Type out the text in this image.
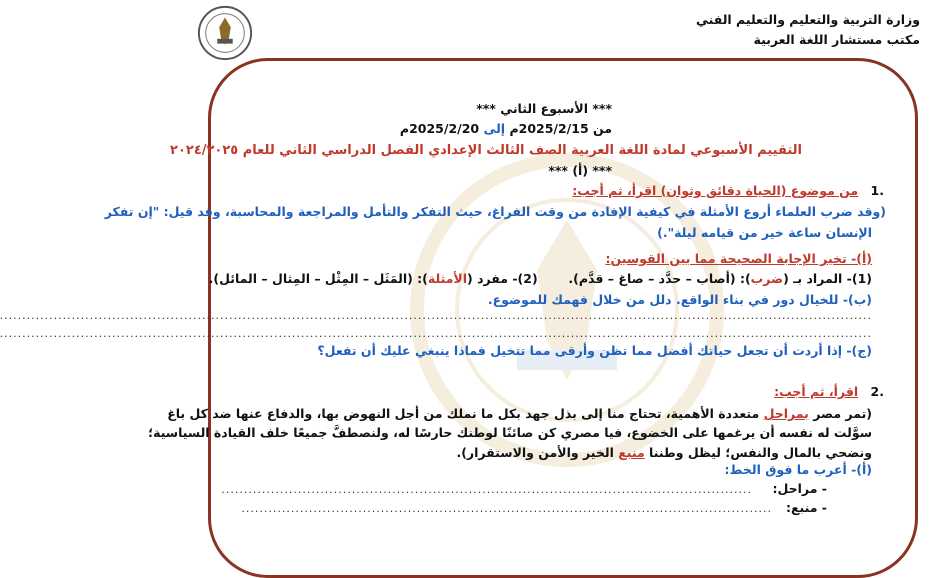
وزارة التربية والتعليم والتعليم الفني
مكتب مستشار اللغة العربية
*** الأسبوع الثاني ***
من 2025/2/15م إلى 2025/2/20م
التقييم الأسبوعي لمادة اللغة العربية الصف الثالث الإعدادي الفصل الدراسي الثاني للعام ٢٠٢٤/٢٠٢٥
*** (أ) ***
.1 من موضوع (الحياة دقائق وثوان) اقرأ، ثم أجب:
(وقد ضرب العلماء أروع الأمثلة في كيفية الإفادة من وقت الفراغ، حيث التفكر والتأمل والمراجعة والمحاسبة، وقد قيل: "إن تفكر
الإنسان ساعة خير من قيامه ليلة".)
(أ)- تخير الإجابة الصحيحة مما بين القوسين:
(1)- المراد بـ (ضرب): (أصاب – حدَّد – صاغ – قدَّم).  (2)- مفرد (الأمثلة): (المَثَل – المِثْل – المِثال – المائل).
(ب)- للخيال دور في بناء الواقع. دلل من خلال فهمك للموضوع.
..................................................................................................................................................................................................
..................................................................................................................................................................................................
(ج)- إذا أردت أن تجعل حياتك أفضل مما تظن وأرقى مما تتخيل فماذا ينبغي عليك أن تفعل؟
.2 اقرأ، ثم أجب:
(تمر مصر بمراحل متعددة الأهمية، تحتاج منا إلى بذل جهد بكل ما نملك من أجل النهوض بها، والدفاع عنها ضد كل باغ
سوَّلت له نفسه أن يرغمها على الخضوع، فيا مصري كن صائنًا لوطنك حارسًا له، ولنصطفَّ جميعًا خلف القيادة السياسية؛
ونضحي بالمال والنفس؛ ليظل وطننا منبع الخير والأمن والاستقرار).
(أ)- أعرب ما فوق الخط:
- مراحل:
......................................................................................................................
- منبع:
......................................................................................................................
